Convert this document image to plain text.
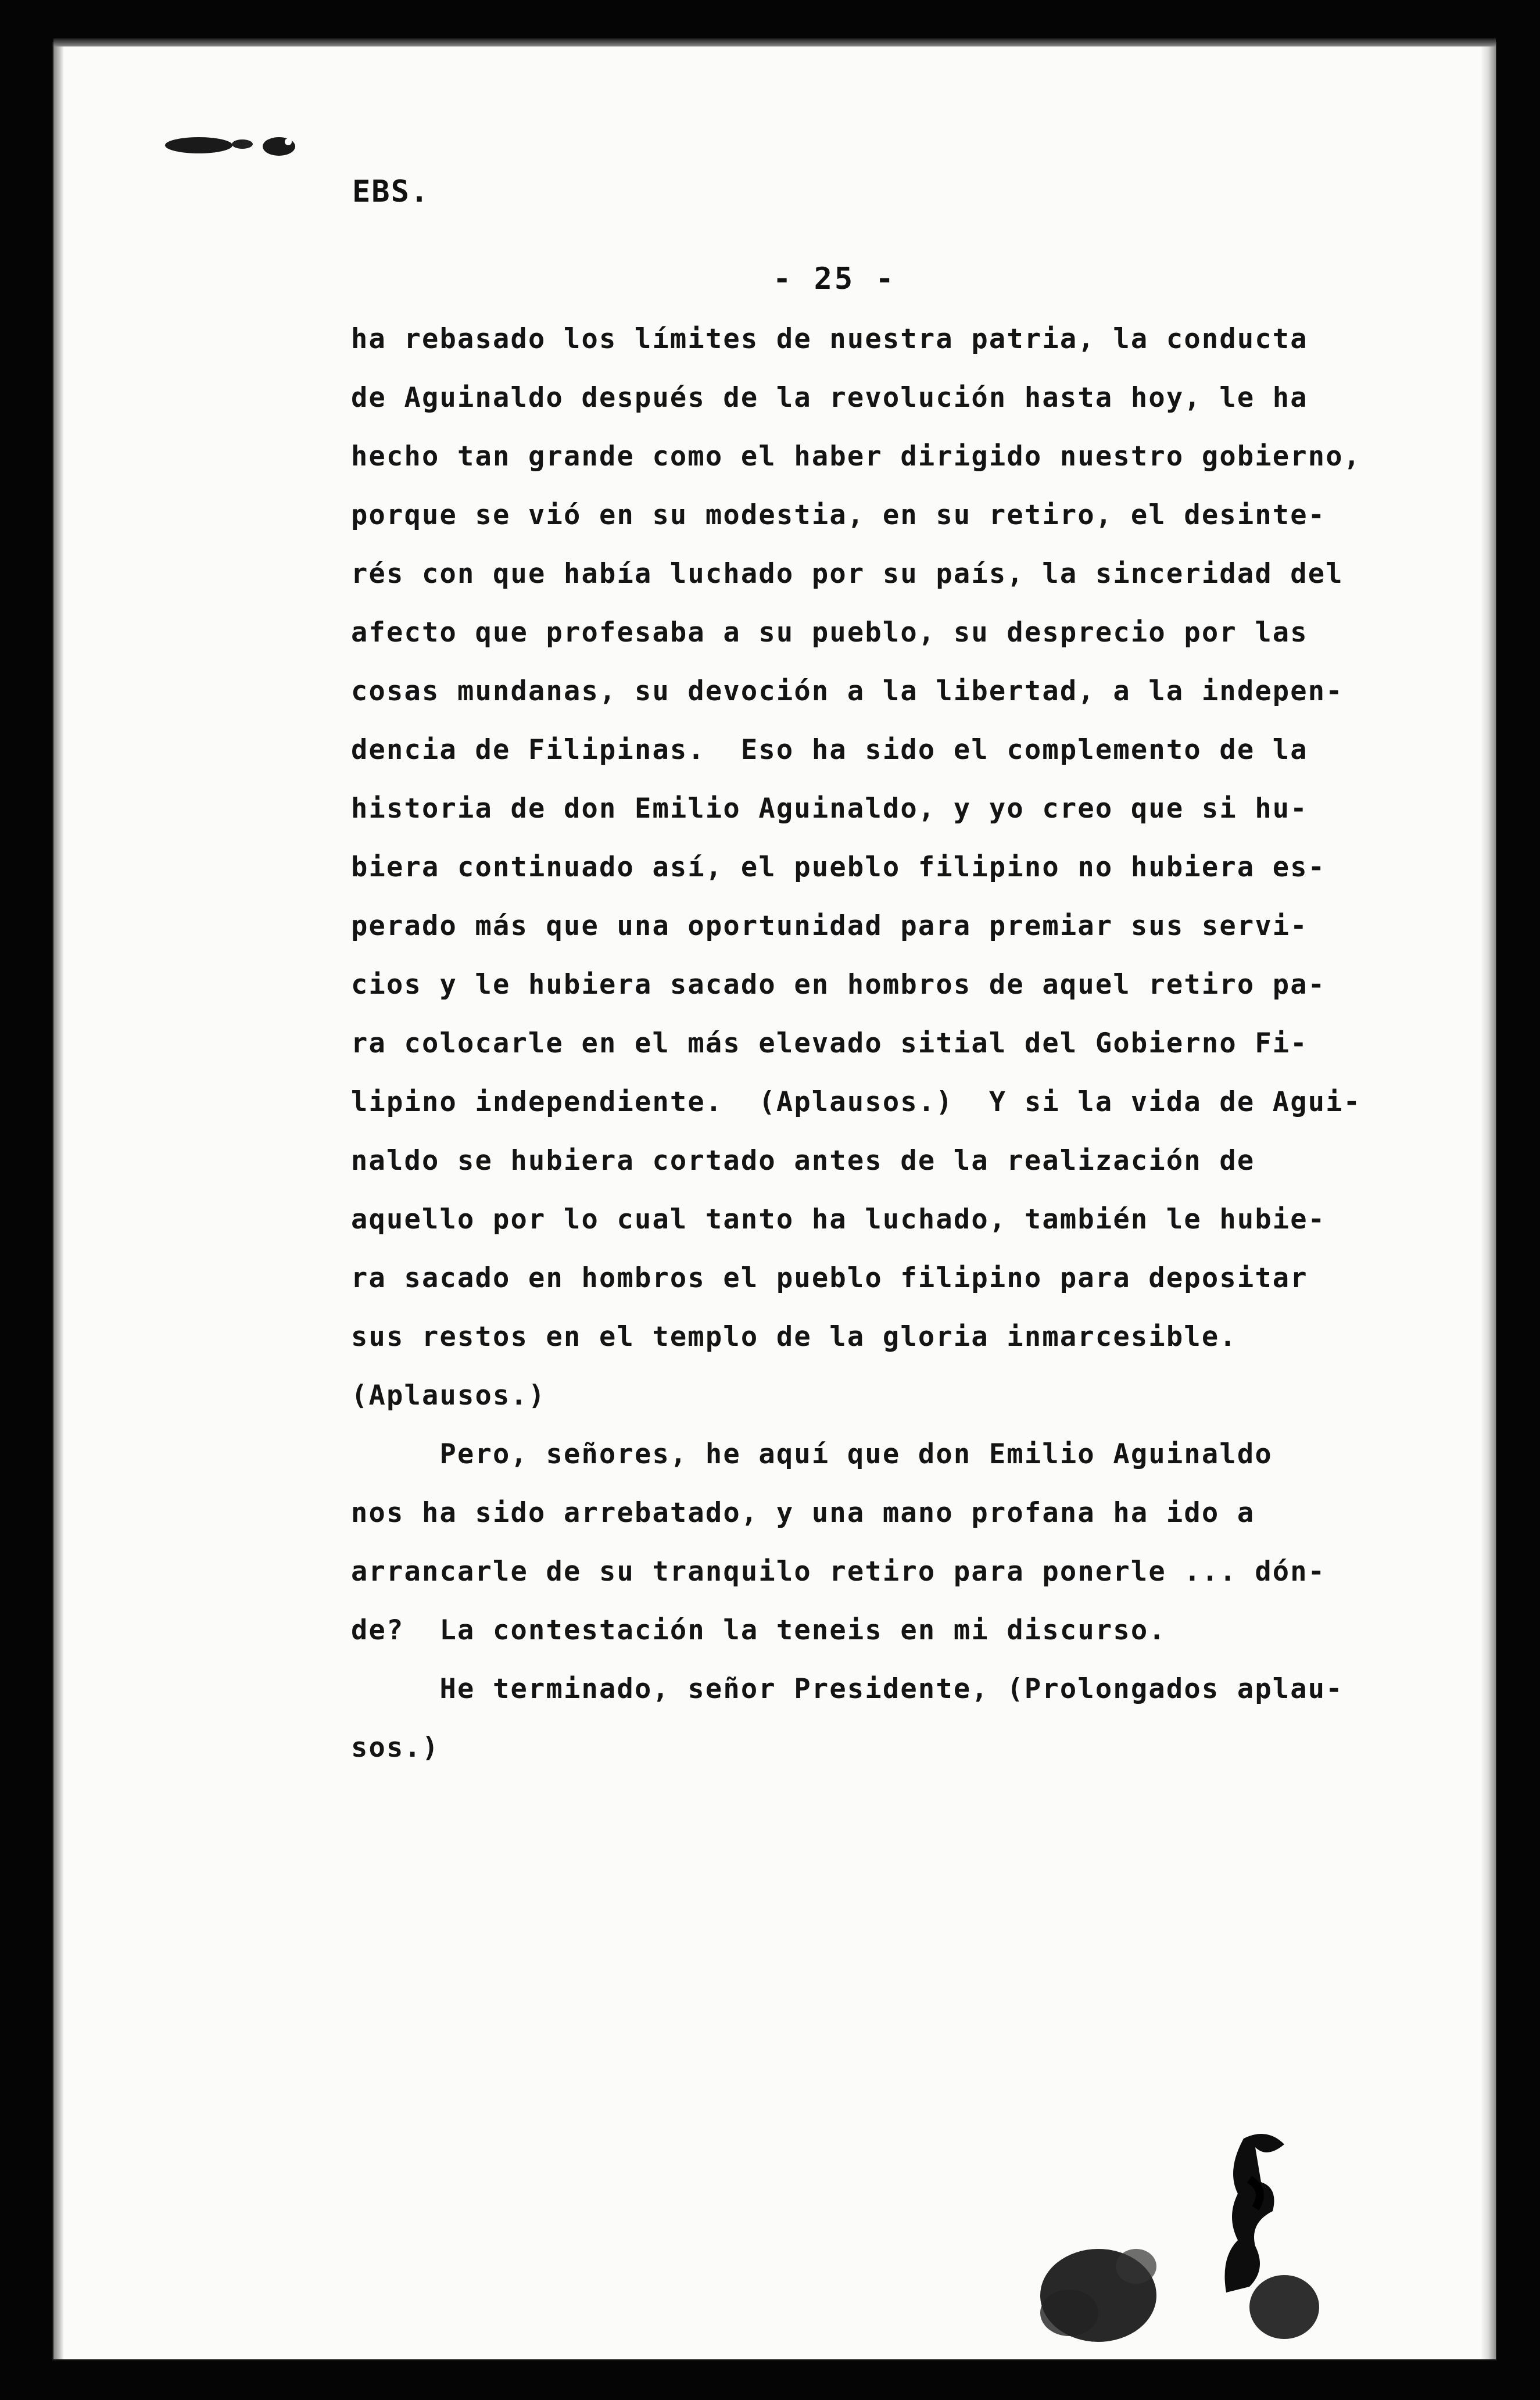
EBS.
- 25 -
ha rebasado los límites de nuestra patria, la conducta
de Aguinaldo después de la revolución hasta hoy, le ha
hecho tan grande como el haber dirigido nuestro gobierno,
porque se vió en su modestia, en su retiro, el desinte-
rés con que había luchado por su país, la sinceridad del
afecto que profesaba a su pueblo, su desprecio por las
cosas mundanas, su devoción a la libertad, a la indepen-
dencia de Filipinas.  Eso ha sido el complemento de la
historia de don Emilio Aguinaldo, y yo creo que si hu-
biera continuado así, el pueblo filipino no hubiera es-
perado más que una oportunidad para premiar sus servi-
cios y le hubiera sacado en hombros de aquel retiro pa-
ra colocarle en el más elevado sitial del Gobierno Fi-
lipino independiente.  (Aplausos.)  Y si la vida de Agui-
naldo se hubiera cortado antes de la realización de
aquello por lo cual tanto ha luchado, también le hubie-
ra sacado en hombros el pueblo filipino para depositar
sus restos en el templo de la gloria inmarcesible.
(Aplausos.)
Pero, señores, he aquí que don Emilio Aguinaldo
nos ha sido arrebatado, y una mano profana ha ido a
arrancarle de su tranquilo retiro para ponerle ... dón-
de?  La contestación la teneis en mi discurso.
He terminado, señor Presidente, (Prolongados aplau-
sos.)
